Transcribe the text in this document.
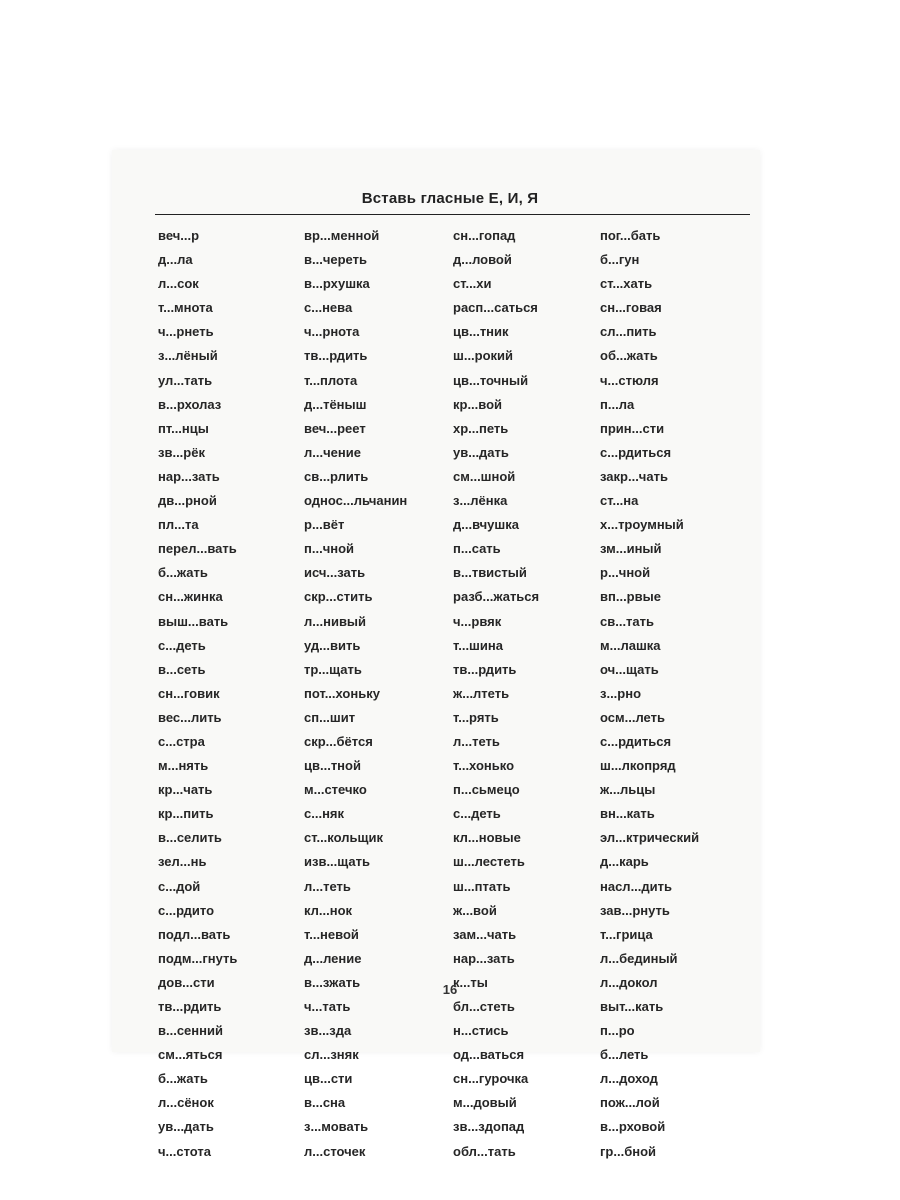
Вставь гласные Е, И, Я
веч...р
д...ла
л...сок
т...мнота
ч...рнеть
з...лёный
ул...тать
в...рхолаз
пт...нцы
зв...рёк
нар...зать
дв...рной
пл...та
перел...вать
б...жать
сн...жинка
выш...вать
с...деть
в...сеть
сн...говик
вес...лить
с...стра
м...нять
кр...чать
кр...пить
в...селить
зел...нь
с...дой
с...рдито
подл...вать
подм...гнуть
дов...сти
тв...рдить
в...сенний
см...яться
б...жать
л...сёнок
ув...дать
ч...стота
вр...менной
в...череть
в...рхушка
с...нева
ч...рнота
тв...рдить
т...плота
д...тёныш
веч...реет
л...чение
св...рлить
однос...льчанин
р...вёт
п...чной
исч...зать
скр...стить
л...нивый
уд...вить
тр...щать
пот...хоньку
сп...шит
скр...бётся
цв...тной
м...стечко
с...няк
ст...кольщик
изв...щать
л...теть
кл...нок
т...невой
д...ление
в...зжать
ч...тать
зв...зда
сл...зняк
цв...сти
в...сна
з...мовать
л...сточек
сн...гопад
д...ловой
ст...хи
расп...саться
цв...тник
ш...рокий
цв...точный
кр...вой
хр...петь
ув...дать
см...шной
з...лёнка
д...вчушка
п...сать
в...твистый
разб...жаться
ч...рвяк
т...шина
тв...рдить
ж...лтеть
т...рять
л...теть
т...хонько
п...сьмецо
с...деть
кл...новые
ш...лестеть
ш...птать
ж...вой
зам...чать
нар...зать
к...ты
бл...стеть
н...стись
од...ваться
сн...гурочка
м...довый
зв...здопад
обл...тать
пог...бать
б...гун
ст...хать
сн...говая
сл...пить
об...жать
ч...стюля
п...ла
прин...сти
с...рдиться
закр...чать
ст...на
х...троумный
зм...иный
р...чной
вп...рвые
св...тать
м...лашка
оч...щать
з...рно
осм...леть
с...рдиться
ш...лкопряд
ж...льцы
вн...кать
эл...ктрический
д...карь
насл...дить
зав...рнуть
т...грица
л...бединый
л...докол
выт...кать
п...ро
б...леть
л...доход
пож...лой
в...рховой
гр...бной
16
